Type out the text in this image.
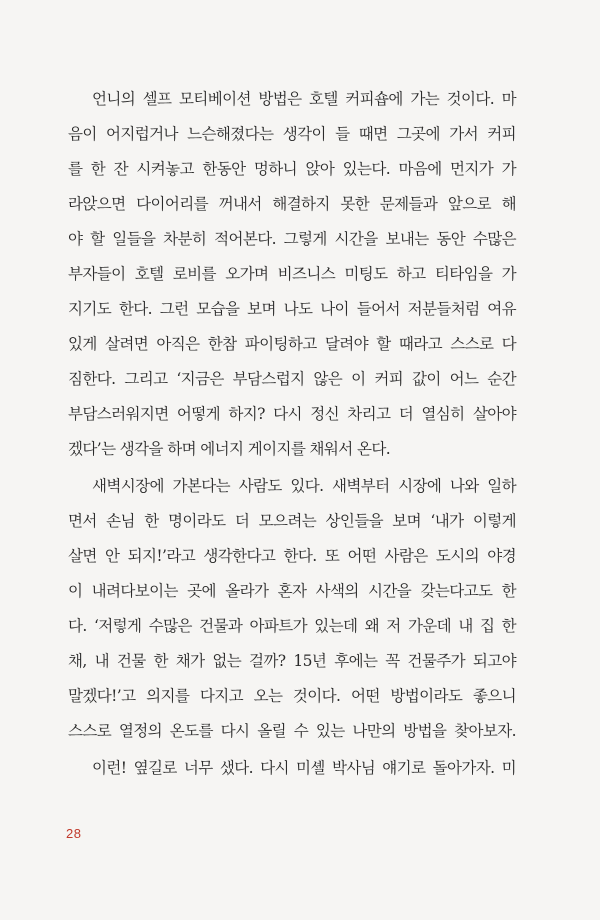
언니의 셀프 모티베이션 방법은 호텔 커피숍에 가는 것이다. 마
음이 어지럽거나 느슨해졌다는 생각이 들 때면 그곳에 가서 커피
를 한 잔 시켜놓고 한동안 멍하니 앉아 있는다. 마음에 먼지가 가
라앉으면 다이어리를 꺼내서 해결하지 못한 문제들과 앞으로 해
야 할 일들을 차분히 적어본다. 그렇게 시간을 보내는 동안 수많은
부자들이 호텔 로비를 오가며 비즈니스 미팅도 하고 티타임을 가
지기도 한다. 그런 모습을 보며 나도 나이 들어서 저분들처럼 여유
있게 살려면 아직은 한참 파이팅하고 달려야 할 때라고 스스로 다
짐한다. 그리고 ‘지금은 부담스럽지 않은 이 커피 값이 어느 순간
부담스러워지면 어떻게 하지? 다시 정신 차리고 더 열심히 살아야
겠다’는 생각을 하며 에너지 게이지를 채워서 온다.
새벽시장에 가본다는 사람도 있다. 새벽부터 시장에 나와 일하
면서 손님 한 명이라도 더 모으려는 상인들을 보며 ‘내가 이렇게
살면 안 되지!’라고 생각한다고 한다. 또 어떤 사람은 도시의 야경
이 내려다보이는 곳에 올라가 혼자 사색의 시간을 갖는다고도 한
다. ‘저렇게 수많은 건물과 아파트가 있는데 왜 저 가운데 내 집 한
채, 내 건물 한 채가 없는 걸까? 15년 후에는 꼭 건물주가 되고야
말겠다!’고 의지를 다지고 오는 것이다. 어떤 방법이라도 좋으니
스스로 열정의 온도를 다시 올릴 수 있는 나만의 방법을 찾아보자.
이런! 옆길로 너무 샜다. 다시 미셸 박사님 얘기로 돌아가자. 미
28
